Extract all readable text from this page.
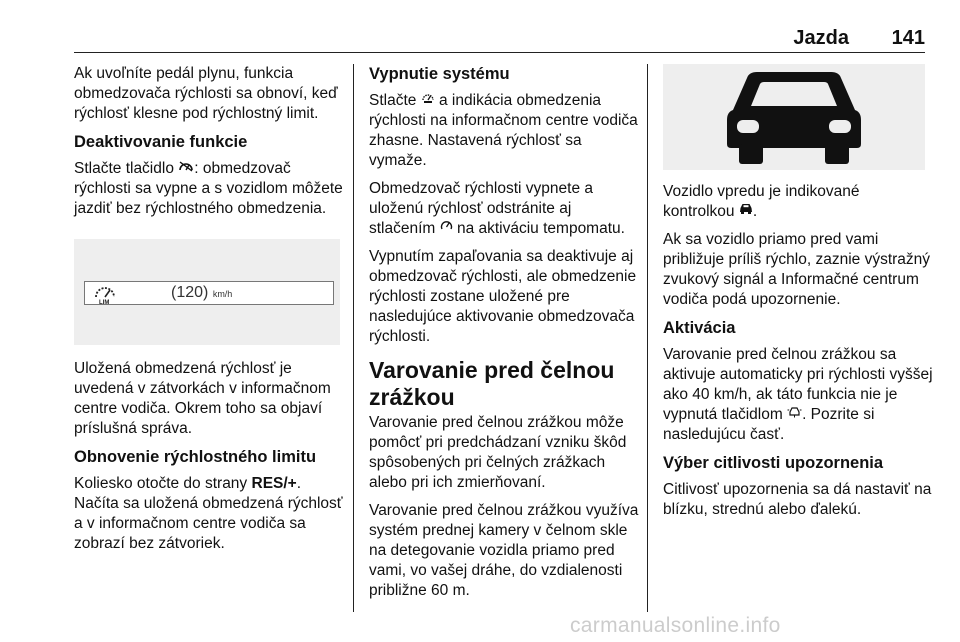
Jazda 141

Ak uvoľníte pedál plynu, funkcia obmedzovača rýchlosti sa obnoví, keď rýchlosť klesne pod rýchlostný limit.

Deaktivovanie funkcie

Stlačte tlačidlo : obmedzovač rýchlosti sa vypne a s vozidlom môžete jazdiť bez rýchlostného obmedzenia.

LIM
(120) km/h

Uložená obmedzená rýchlosť je uvedená v zátvorkách v informačnom centre vodiča. Okrem toho sa objaví príslušná správa.

Obnovenie rýchlostného limitu

Koliesko otočte do strany RES/+. Načíta sa uložená obmedzená rýchlosť a v informačnom centre vodiča sa zobrazí bez zátvoriek.

Vypnutie systému

Stlačte  a indikácia obmedzenia rýchlosti na informačnom centre vodiča zhasne. Nastavená rýchlosť sa vymaže.

Obmedzovač rýchlosti vypnete a uloženú rýchlosť odstránite aj stlačením  na aktiváciu tempomatu.

Vypnutím zapaľovania sa deaktivuje aj obmedzovač rýchlosti, ale obmedzenie rýchlosti zostane uložené pre nasledujúce aktivovanie obmedzovača rýchlosti.

Varovanie pred čelnou zrážkou

Varovanie pred čelnou zrážkou môže pomôcť pri predchádzaní vzniku škôd spôsobených pri čelných zrážkach alebo pri ich zmierňovaní.

Varovanie pred čelnou zrážkou využíva systém prednej kamery v čelnom skle na detegovanie vozidla priamo pred vami, vo vašej dráhe, do vzdialenosti približne 60 m.

Vozidlo vpredu je indikované kontrolkou .

Ak sa vozidlo priamo pred vami približuje príliš rýchlo, zaznie výstražný zvukový signál a Informačné centrum vodiča podá upozornenie.

Aktivácia

Varovanie pred čelnou zrážkou sa aktivuje automaticky pri rýchlosti vyššej ako 40 km/h, ak táto funkcia nie je vypnutá tlačidlom . Pozrite si nasledujúcu časť.

Výber citlivosti upozornenia

Citlivosť upozornenia sa dá nastaviť na blízku, strednú alebo ďalekú.

carmanualsonline.info
